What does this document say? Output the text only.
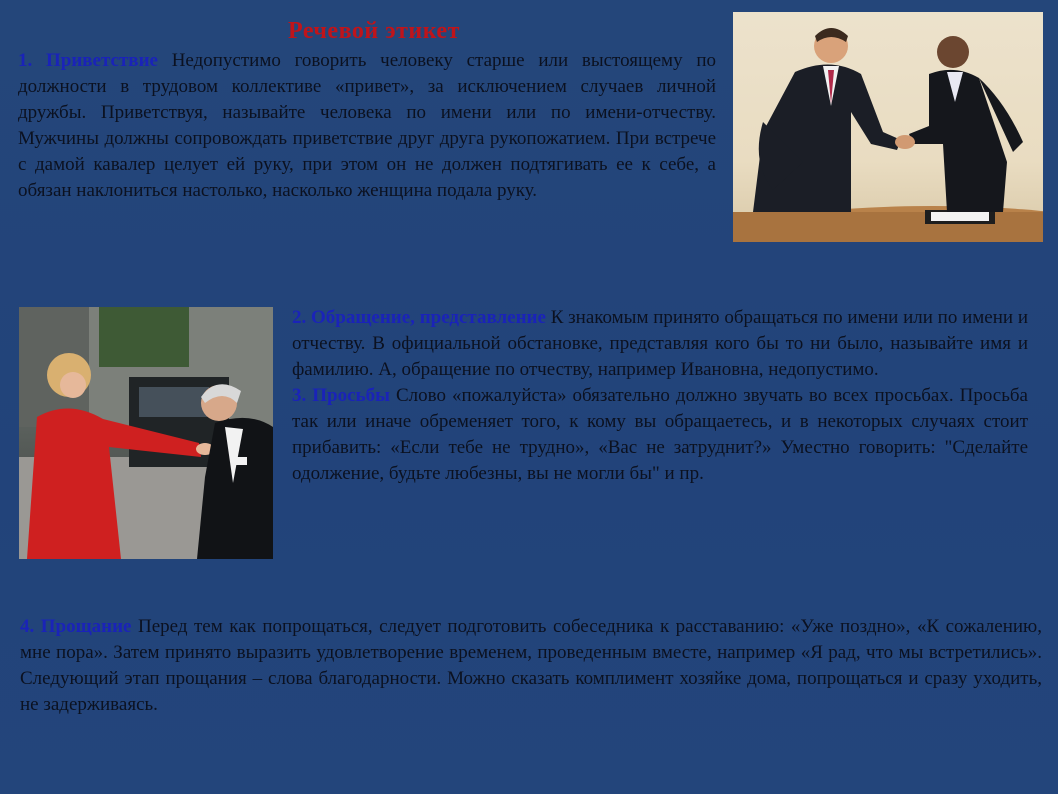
Речевой этикет
1. Приветствие Недопустимо говорить человеку старше или выстоящему по должности в трудовом коллективе «привет», за исключением случаев личной дружбы. Приветствуя, называйте человека по имени или по имени-отчеству. Мужчины должны сопровождать приветствие друг друга рукопожатием. При встрече с дамой кавалер целует ей руку, при этом он не должен подтягивать ее к себе, а обязан наклониться настолько, насколько женщина подала руку.
2. Обращение, представление К знакомым принято обращаться по имени или по имени и отчеству. В официальной обстановке, представляя кого бы то ни было, называйте имя и фамилию. А, обращение по отчеству, например Ивановна, недопустимо.
3. Просьбы Слово «пожалуйста» обязательно должно звучать во всех просьбах. Просьба так или иначе обременяет того, к кому вы обращаетесь, и в некоторых случаях стоит прибавить: «Если тебе не трудно», «Вас не затруднит?» Уместно говорить: "Сделайте одолжение, будьте любезны, вы не могли бы" и пр.
4. Прощание Перед тем как попрощаться, следует подготовить собеседника к расставанию: «Уже поздно», «К сожалению, мне пора». Затем принято выразить удовлетворение временем, проведенным вместе, например «Я рад, что мы встретились». Следующий этап прощания – слова благодарности. Можно сказать комплимент хозяйке дома, попрощаться и сразу уходить, не задерживаясь.
